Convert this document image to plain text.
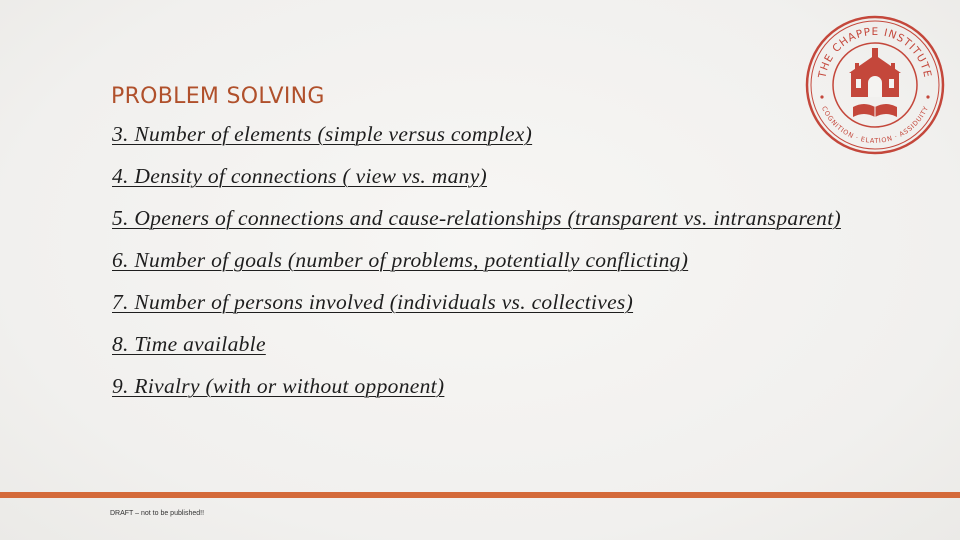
THE CHAPPE INSTITUTE
COGNITION · ELATION · ASSIDUITY
PROBLEM SOLVING
3. Number of elements (simple versus complex)
4. Density of connections ( view vs. many)
5. Openers of connections and cause-relationships (transparent vs. intransparent)
6. Number of goals (number of problems, potentially conflicting)
7. Number of persons involved (individuals vs. collectives)
8. Time available
9. Rivalry (with or without opponent)
DRAFT – not to be published!!
